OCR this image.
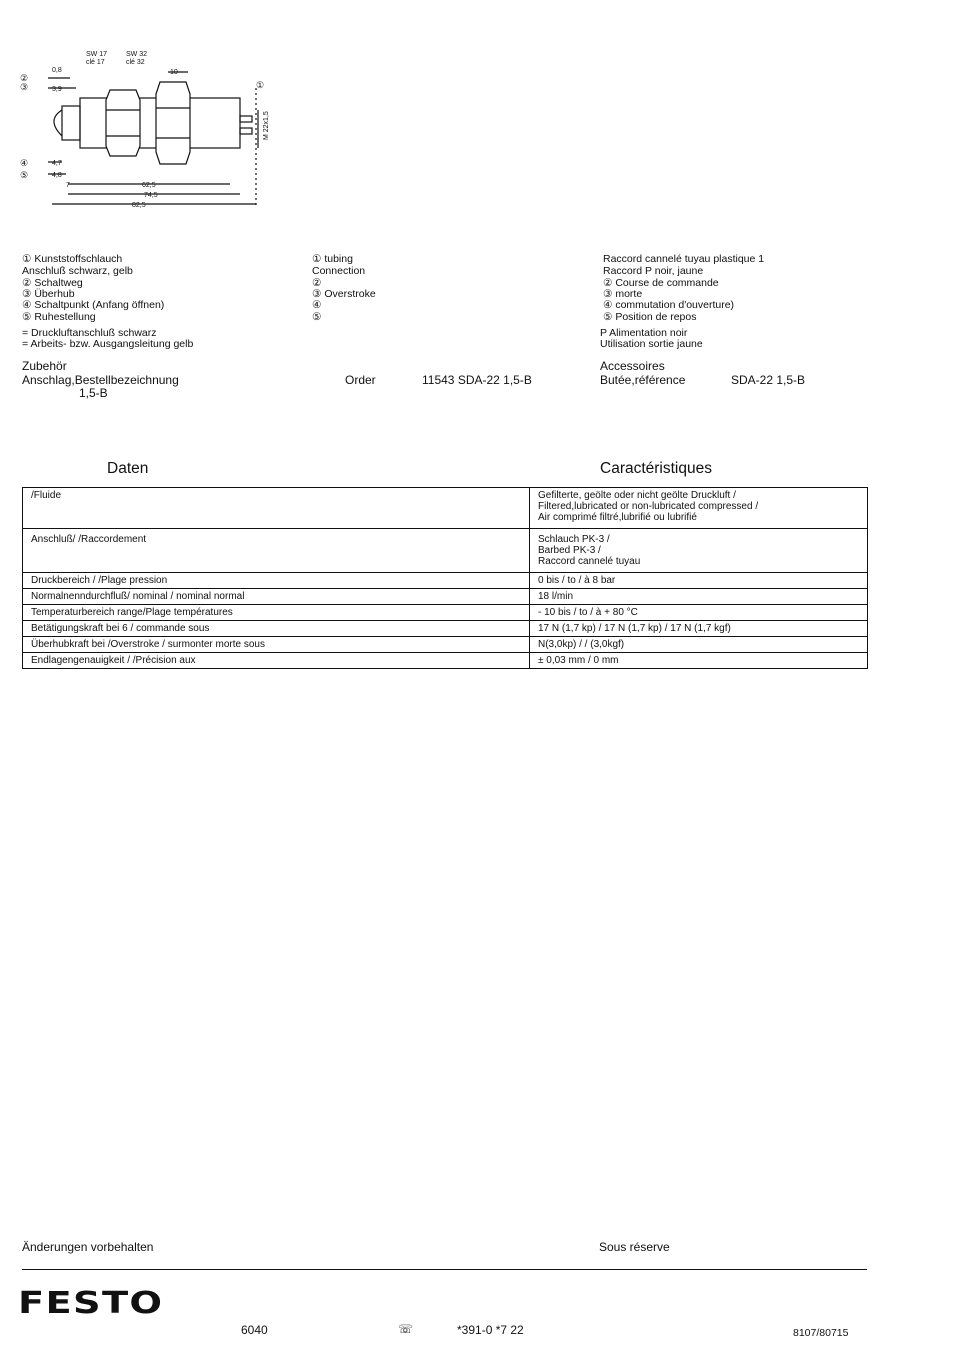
SW 17
clé 17
SW 32
clé 32
0,8
3,9
10
4,7
4,8
7	62,5
74,5
82,5
M 22x1,5
②
③
④
⑤
①
① Kunststoffschlauch
Anschluß schwarz, gelb
② Schaltweg
③ Überhub
④ Schaltpunkt (Anfang öffnen)
⑤ Ruhestellung
= Druckluftanschluß schwarz
= Arbeits- bzw. Ausgangsleitung gelb
① tubing
Connection
②
③ Overstroke
④
⑤
Raccord cannelé tuyau plastique 1
Raccord P noir, jaune
② Course de commande
③ morte
④ commutation d'ouverture)
⑤ Position de repos
P Alimentation noir
Utilisation sortie jaune
Zubehör
Anschlag,Bestellbezeichnung
1,5-B
Order	11543 SDA-22 1,5-B
Accessoires
Butée,référence	SDA-22 1,5-B
Daten	Caractéristiques
/Fluide	Gefilterte, geölte oder nicht geölte Druckluft /
Filtered,lubricated or non-lubricated compressed /
Air comprimé filtré,lubrifié ou lubrifié

Anschluß/ /Raccordement	Schlauch PK-3 /
Barbed PK-3 /
Raccord cannelé tuyau

Druckbereich / /Plage pression	0 bis / to / à 8 bar

Normalnenndurchfluß/ nominal / nominal normal	18 l/min

Temperaturbereich range/Plage températures	- 10 bis / to / à + 80 °C

Betätigungskraft bei 6 / commande sous	17 N (1,7 kp) / 17 N (1,7 kp) / 17 N (1,7 kgf)

Überhubkraft bei /Overstroke / surmonter morte sous	N(3,0kp) / / (3,0kgf)

Endlagengenauigkeit / /Précision aux	± 0,03 mm / 0 mm
Änderungen vorbehalten	Sous réserve
FESTO
6040	☏	*391-0 *7 22	8107/80715
